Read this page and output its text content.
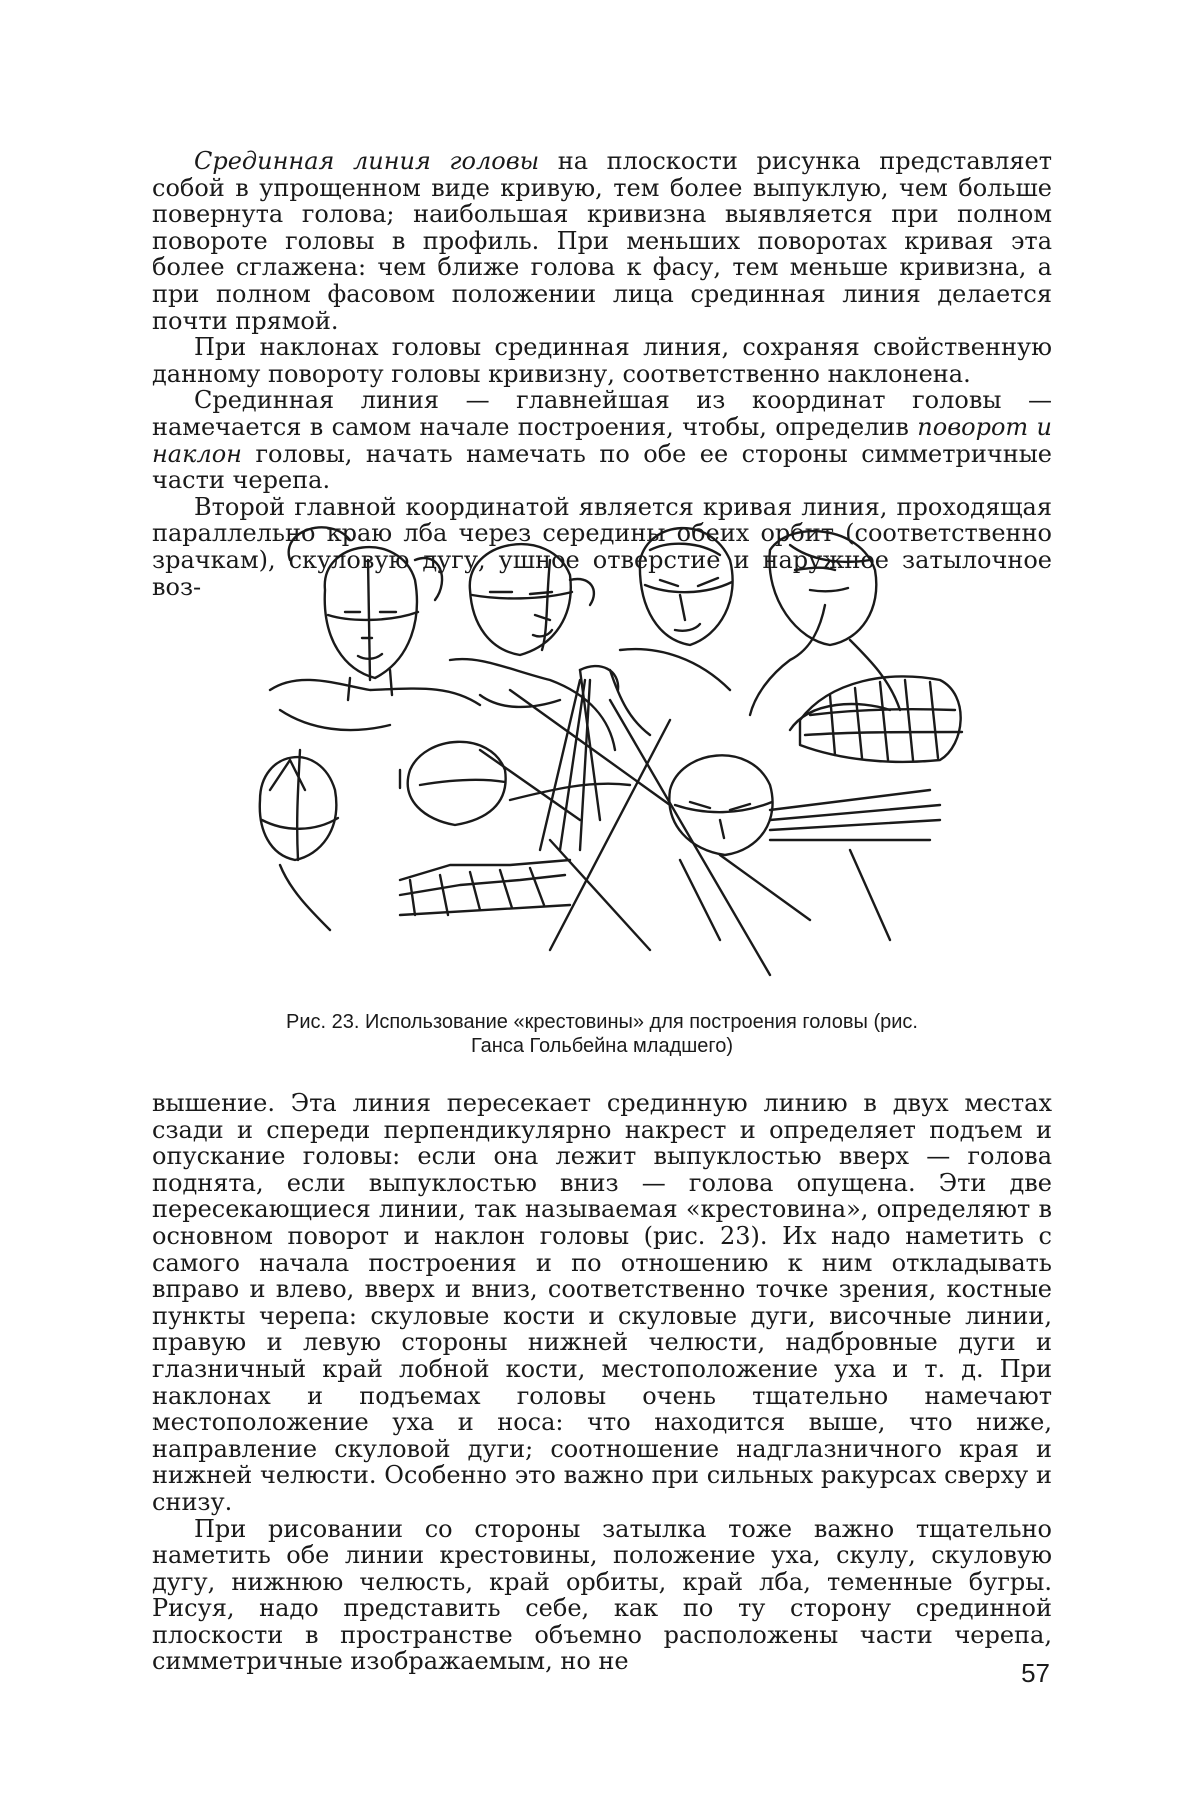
Срединная линия головы на плоскости рисунка представляет собой в упрощенном виде кривую, тем более выпуклую, чем больше повернута голова; наибольшая кривизна выявляется при полном повороте головы в профиль. При меньших поворотах кривая эта более сглажена: чем ближе голова к фасу, тем меньше кривизна, а при полном фасовом положении лица срединная линия делается почти прямой.

При наклонах головы срединная линия, сохраняя свойственную данному повороту головы кривизну, соответственно наклонена.

Срединная линия — главнейшая из координат головы — намечается в самом начале построения, чтобы, определив поворот и наклон головы, начать намечать по обе ее стороны симметричные части черепа.

Второй главной координатой является кривая линия, проходящая параллельно краю лба через середины обеих орбит (соответственно зрачкам), скуловую дугу, ушное отверстие и наружное затылочное воз-

Рис. 23. Использование «крестовины» для построения головы (рис.
Ганса Гольбейна младшего)

вышение. Эта линия пересекает срединную линию в двух местах сзади и спереди перпендикулярно накрест и определяет подъем и опускание головы: если она лежит выпуклостью вверх — голова поднята, если выпуклостью вниз — голова опущена. Эти две пересекающиеся линии, так называемая «крестовина», определяют в основном поворот и наклон головы (рис. 23). Их надо наметить с самого начала построения и по отношению к ним откладывать вправо и влево, вверх и вниз, соответственно точке зрения, костные пункты черепа: скуловые кости и скуловые дуги, височные линии, правую и левую стороны нижней челюсти, надбровные дуги и глазничный край лобной кости, местоположение уха и т. д. При наклонах и подъемах головы очень тщательно намечают местоположение уха и носа: что находится выше, что ниже, направление скуловой дуги; соотношение надглазничного края и нижней челюсти. Особенно это важно при сильных ракурсах сверху и снизу.

При рисовании со стороны затылка тоже важно тщательно наметить обе линии крестовины, положение уха, скулу, скуловую дугу, нижнюю челюсть, край орбиты, край лба, теменные бугры. Рисуя, надо представить себе, как по ту сторону срединной плоскости в пространстве объемно расположены части черепа, симметричные изображаемым, но не	57
